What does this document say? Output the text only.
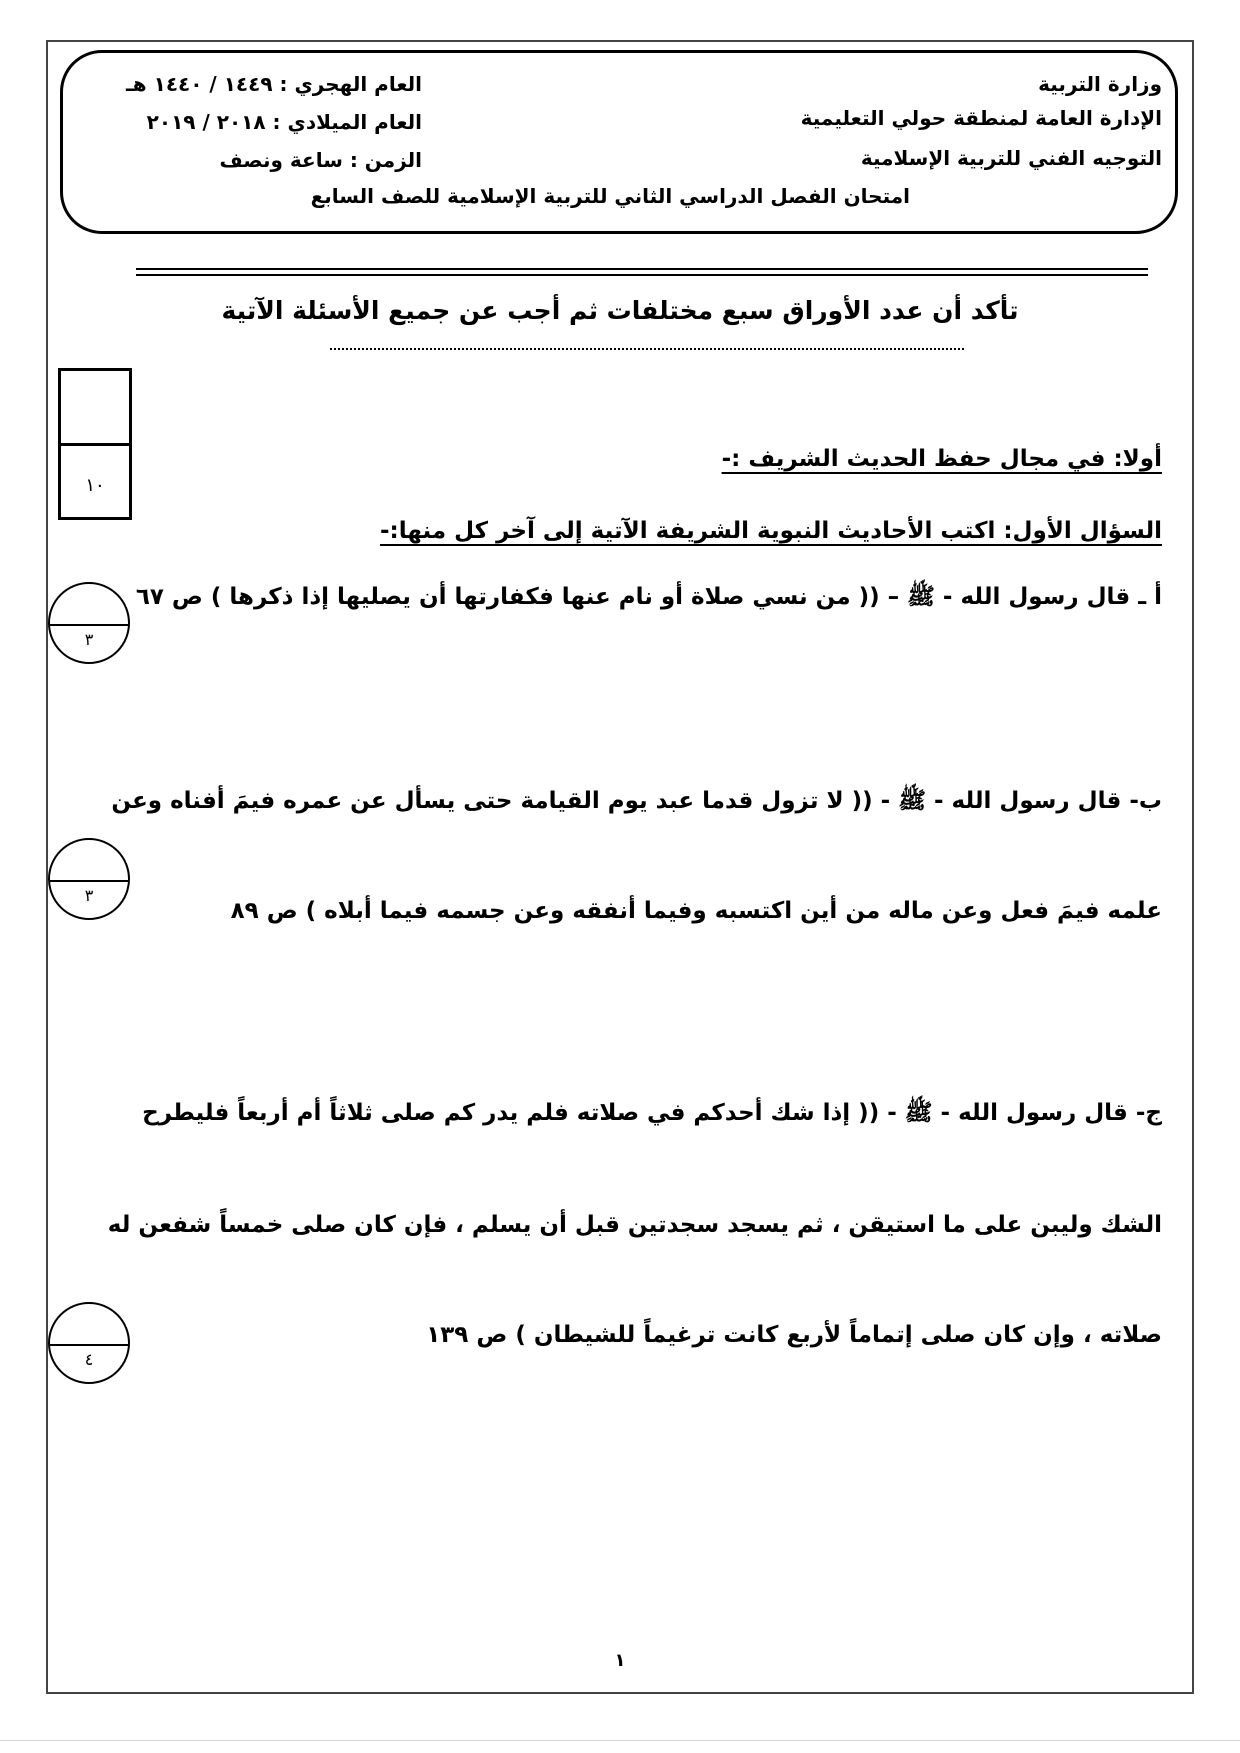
وزارة التربية
الإدارة العامة لمنطقة حولي التعليمية
التوجيه الفني للتربية الإسلامية
العام الهجري : ١٤٤٩ / ١٤٤٠ هـ
العام الميلادي : ٢٠١٨ / ٢٠١٩
الزمن : ساعة ونصف
امتحان الفصل الدراسي الثاني للتربية الإسلامية للصف السابع
تأكد أن عدد الأوراق سبع مختلفات ثم أجب عن جميع الأسئلة الآتية
١٠
أولا: في مجال حفظ الحديث الشريف :-
السؤال الأول: اكتب الأحاديث النبوية الشريفة الآتية إلى آخر كل منها:-
٣
أ ـ قال رسول الله - ﷺ – (( من نسي صلاة أو نام عنها فكفارتها أن يصليها إذا ذكرها ) ص ٦٧
٣
ب- قال رسول الله - ﷺ - (( لا تزول قدما عبد يوم القيامة حتى يسأل عن عمره فيمَ أفناه وعن
علمه فيمَ فعل وعن ماله من أين اكتسبه وفيما أنفقه وعن جسمه فيما أبلاه ) ص ٨٩
ج- قال رسول الله - ﷺ - (( إذا شك أحدكم في صلاته فلم يدر كم صلى ثلاثاً أم أربعاً فليطرح
الشك وليبن على ما استيقن ، ثم يسجد سجدتين قبل أن يسلم ، فإن كان صلى خمساً شفعن له
٤
صلاته ، وإن كان صلى إتماماً لأربع كانت ترغيماً للشيطان ) ص ١٣٩
١
